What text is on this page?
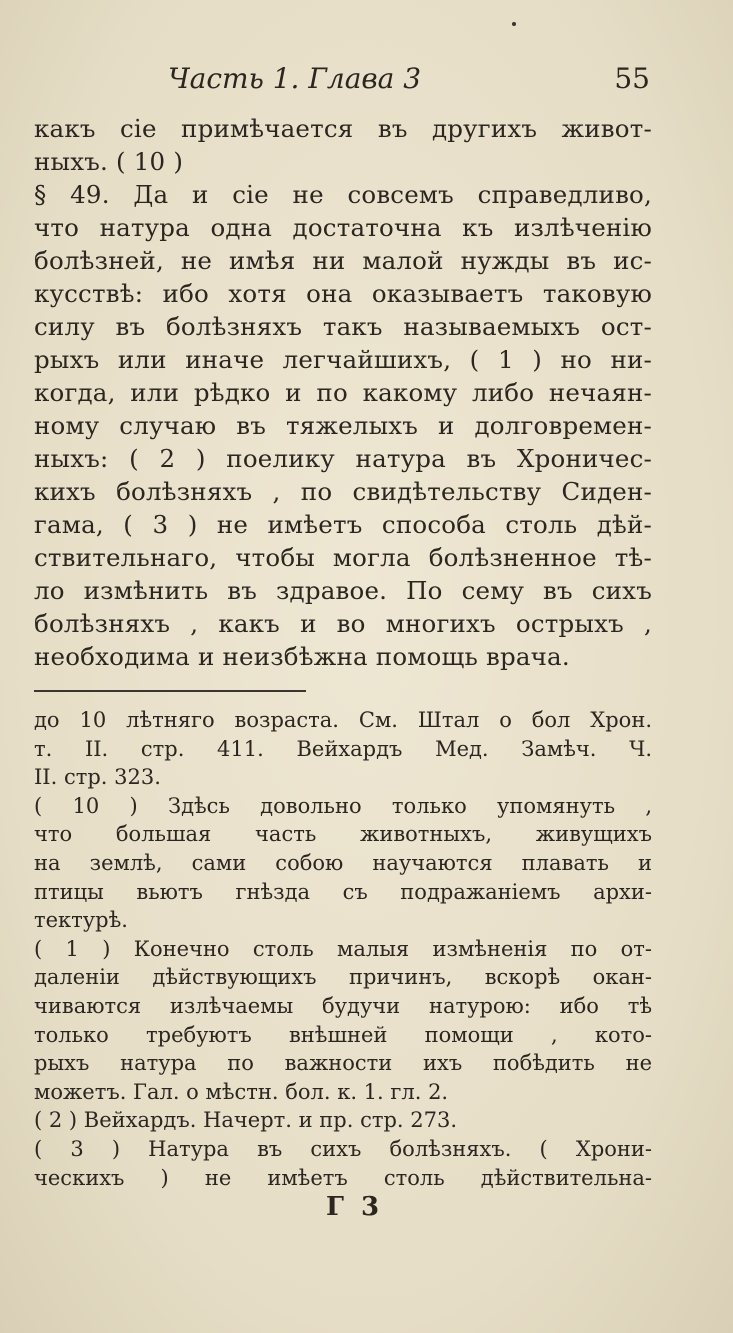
Часть 1. Глава 3	55
какъ сiе примѣчается въ другихъ живот-
ныхъ. ( 10 )
§ 49. Да и сiе не совсемъ справедливо,
что натура одна достаточна къ излѣченiю
болѣзней, не имѣя ни малой нужды въ ис-
кусствѣ: ибо хотя она оказываетъ таковую
силу въ болѣзняхъ такъ называемыхъ ост-
рыхъ или иначе легчайшихъ, ( 1 ) но ни-
когда, или рѣдко и по какому либо нечаян-
ному случаю въ тяжелыхъ и долговремен-
ныхъ: ( 2 ) поелику натура въ Хроничес-
кихъ болѣзняхъ , по свидѣтельству Сиден-
гама, ( 3 ) не имѣетъ способа столь дѣй-
ствительнаго, чтобы могла болѣзненное тѣ-
ло измѣнить въ здравое. По сему въ сихъ
болѣзняхъ , какъ и во многихъ острыхъ ,
необходима и неизбѣжна помощь врача.
до 10 лѣтняго возраста. См. Штал о бол Хрон.
т. II. стр. 411. Вейхардъ Мед. Замѣч. Ч.
II. стр. 323.
( 10 ) Здѣсь довольно только упомянуть ,
что большая часть животныхъ, живущихъ
на землѣ, сами собою научаются плавать и
птицы вьютъ гнѣзда съ подражанiемъ архи-
тектурѣ.
( 1 ) Конечно столь малыя измѣненiя по от-
даленiи дѣйствующихъ причинъ, вскорѣ окан-
чиваются излѣчаемы будучи натурою: ибо тѣ
только требуютъ внѣшней помощи , кото-
рыхъ натура по важности ихъ побѣдить не
можетъ. Гал. о мѣстн. бол. к. 1. гл. 2.
( 2 ) Вейхардъ. Начерт. и пр. стр. 273.
( 3 ) Натура въ сихъ болѣзняхъ. ( Хрони-
ческихъ ) не имѣетъ столь дѣйствительна-
Г 3
